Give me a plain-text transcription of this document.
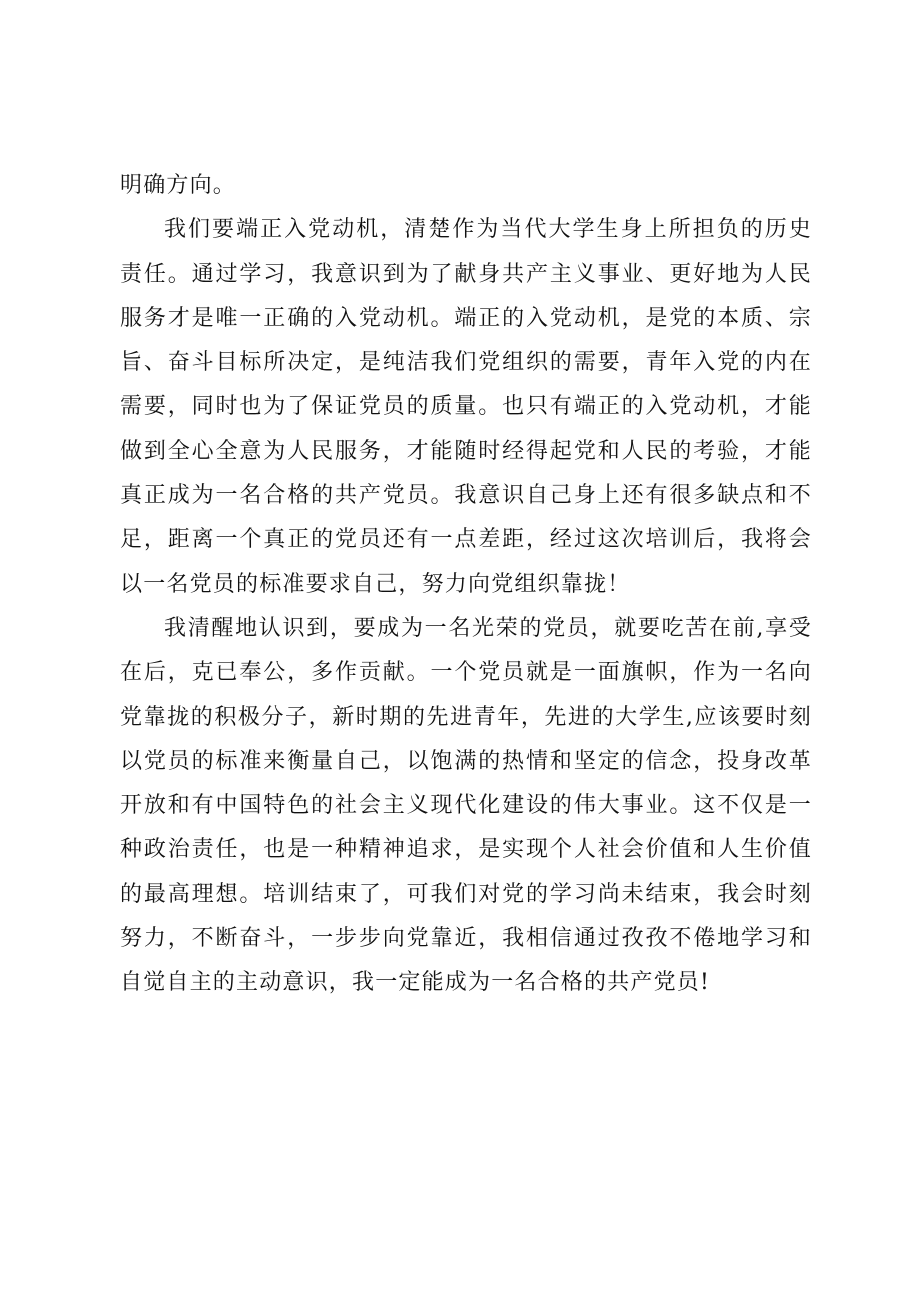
明确方向。

我们要端正入党动机，清楚作为当代大学生身上所担负的历史责任。通过学习，我意识到为了献身共产主义事业、更好地为人民服务才是唯一正确的入党动机。端正的入党动机，是党的本质、宗旨、奋斗目标所决定，是纯洁我们党组织的需要，青年入党的内在需要，同时也为了保证党员的质量。也只有端正的入党动机，才能做到全心全意为人民服务，才能随时经得起党和人民的考验，才能真正成为一名合格的共产党员。我意识自己身上还有很多缺点和不足，距离一个真正的党员还有一点差距，经过这次培训后，我将会以一名党员的标准要求自己，努力向党组织靠拢！

我清醒地认识到，要成为一名光荣的党员，就要吃苦在前,享受在后，克已奉公，多作贡献。一个党员就是一面旗帜，作为一名向党靠拢的积极分子，新时期的先进青年，先进的大学生,应该要时刻以党员的标准来衡量自己，以饱满的热情和坚定的信念，投身改革开放和有中国特色的社会主义现代化建设的伟大事业。这不仅是一种政治责任，也是一种精神追求，是实现个人社会价值和人生价值的最高理想。培训结束了，可我们对党的学习尚未结束，我会时刻努力，不断奋斗，一步步向党靠近，我相信通过孜孜不倦地学习和自觉自主的主动意识，我一定能成为一名合格的共产党员!
